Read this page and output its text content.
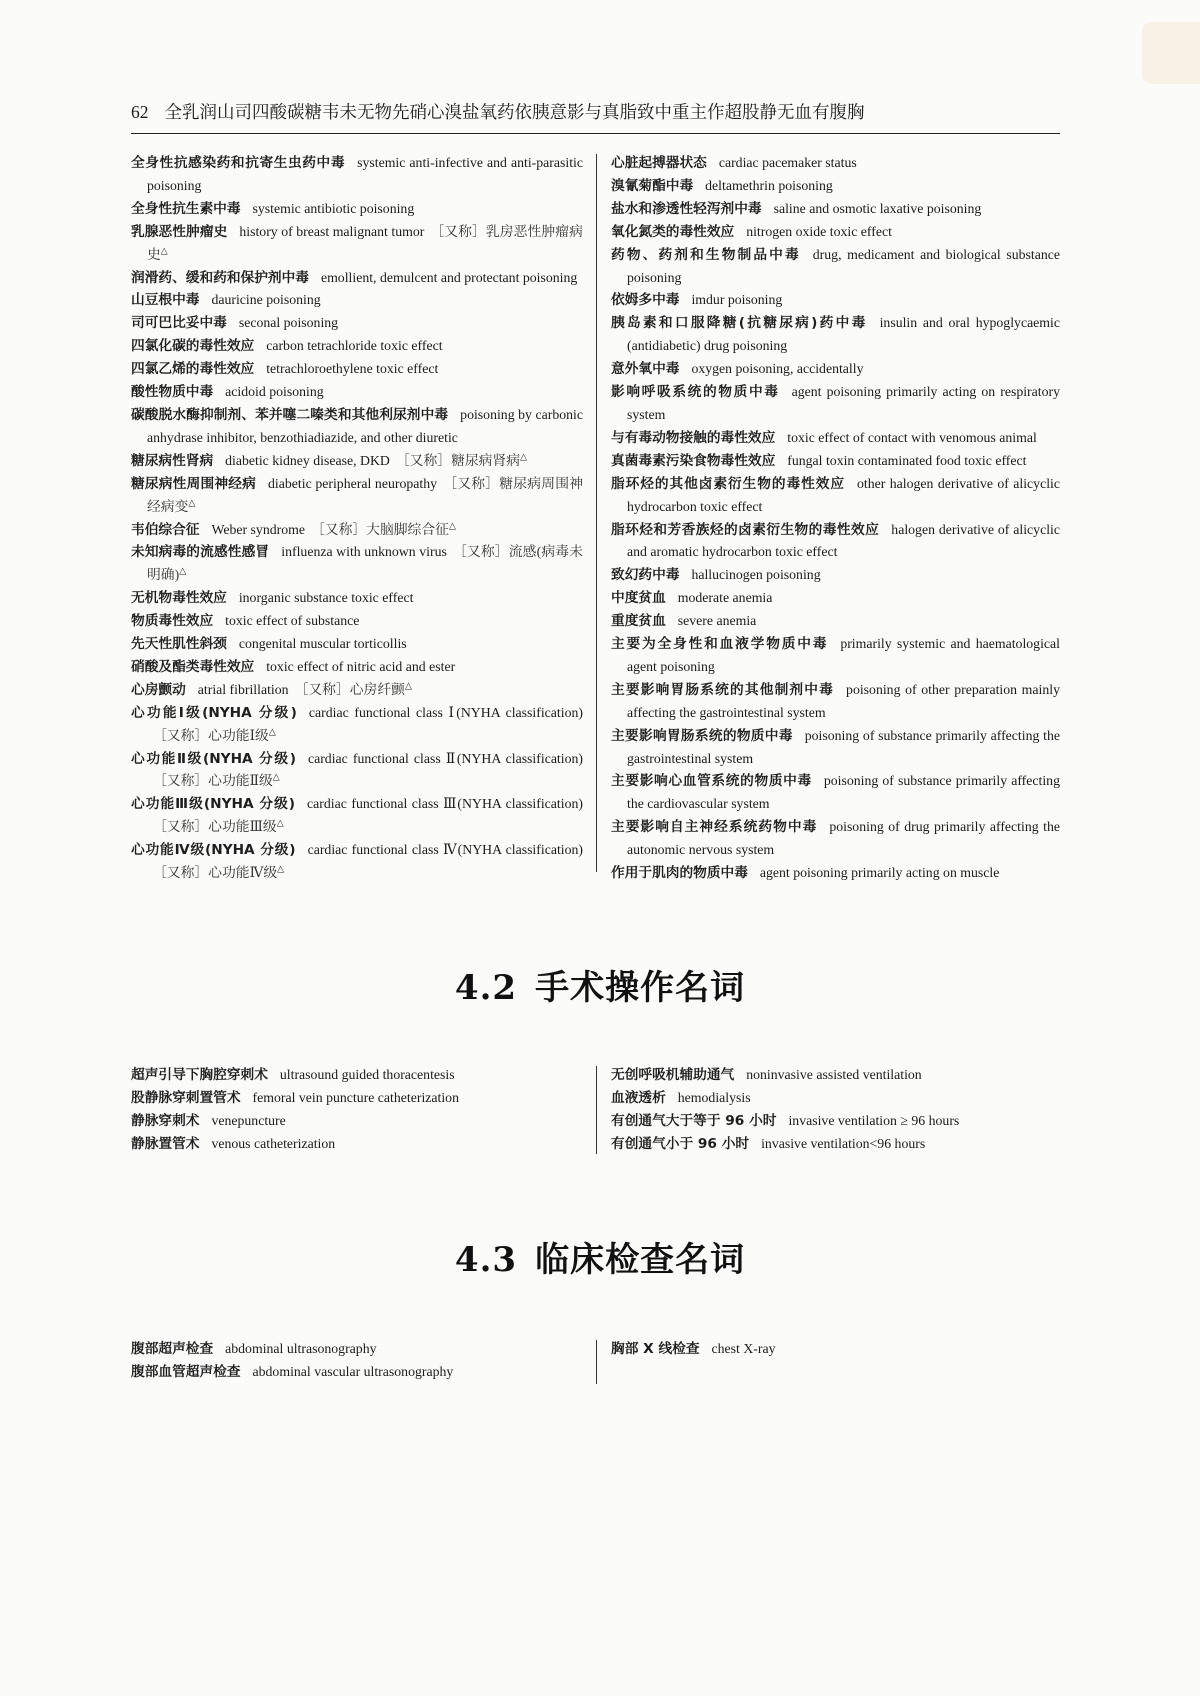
62 全乳润山司四酸碳糖韦未无物先硝心溴盐氧药依胰意影与真脂致中重主作超股静无血有腹胸

全身性抗感染药和抗寄生虫药中毒 systemic anti-infective and anti-parasitic poisoning

全身性抗生素中毒 systemic antibiotic poisoning

乳腺恶性肿瘤史 history of breast malignant tumor ［又称］乳房恶性肿瘤病史△

润滑药、缓和药和保护剂中毒 emollient, demulcent and protectant poisoning

山豆根中毒 dauricine poisoning

司可巴比妥中毒 seconal poisoning

四氯化碳的毒性效应 carbon tetrachloride toxic effect

四氯乙烯的毒性效应 tetrachloroethylene toxic effect

酸性物质中毒 acidoid poisoning

碳酸脱水酶抑制剂、苯并噻二嗪类和其他利尿剂中毒 poisoning by carbonic anhydrase inhibitor, benzothiadiazide, and other diuretic

糖尿病性肾病 diabetic kidney disease, DKD ［又称］糖尿病肾病△

糖尿病性周围神经病 diabetic peripheral neuropathy ［又称］糖尿病周围神经病变△

韦伯综合征 Weber syndrome ［又称］大脑脚综合征△

未知病毒的流感性感冒 influenza with unknown virus ［又称］流感(病毒未明确)△

无机物毒性效应 inorganic substance toxic effect

物质毒性效应 toxic effect of substance

先天性肌性斜颈 congenital muscular torticollis

硝酸及酯类毒性效应 toxic effect of nitric acid and ester

心房颤动 atrial fibrillation ［又称］心房纤颤△

心功能Ⅰ级(NYHA 分级) cardiac functional class Ⅰ(NYHA classification)［又称］心功能Ⅰ级△

心功能Ⅱ级(NYHA 分级) cardiac functional class Ⅱ(NYHA classification)［又称］心功能Ⅱ级△

心功能Ⅲ级(NYHA 分级) cardiac functional class Ⅲ(NYHA classification)［又称］心功能Ⅲ级△

心功能Ⅳ级(NYHA 分级) cardiac functional class Ⅳ(NYHA classification)［又称］心功能Ⅳ级△

心脏起搏器状态 cardiac pacemaker status

溴氰菊酯中毒 deltamethrin poisoning

盐水和渗透性轻泻剂中毒 saline and osmotic laxative poisoning

氧化氮类的毒性效应 nitrogen oxide toxic effect

药物、药剂和生物制品中毒 drug, medicament and biological substance poisoning

依姆多中毒 imdur poisoning

胰岛素和口服降糖(抗糖尿病)药中毒 insulin and oral hypoglycaemic (antidiabetic) drug poisoning

意外氧中毒 oxygen poisoning, accidentally

影响呼吸系统的物质中毒 agent poisoning primarily acting on respiratory system

与有毒动物接触的毒性效应 toxic effect of contact with venomous animal

真菌毒素污染食物毒性效应 fungal toxin contaminated food toxic effect

脂环烃的其他卤素衍生物的毒性效应 other halogen derivative of alicyclic hydrocarbon toxic effect

脂环烃和芳香族烃的卤素衍生物的毒性效应 halogen derivative of alicyclic and aromatic hydrocarbon toxic effect

致幻药中毒 hallucinogen poisoning

中度贫血 moderate anemia

重度贫血 severe anemia

主要为全身性和血液学物质中毒 primarily systemic and haematological agent poisoning

主要影响胃肠系统的其他制剂中毒 poisoning of other preparation mainly affecting the gastrointestinal system

主要影响胃肠系统的物质中毒 poisoning of substance primarily affecting the gastrointestinal system

主要影响心血管系统的物质中毒 poisoning of substance primarily affecting the cardiovascular system

主要影响自主神经系统药物中毒 poisoning of drug primarily affecting the autonomic nervous system

作用于肌肉的物质中毒 agent poisoning primarily acting on muscle

4.2 手术操作名词

超声引导下胸腔穿刺术 ultrasound guided thoracentesis

股静脉穿刺置管术 femoral vein puncture catheterization

静脉穿刺术 venepuncture

静脉置管术 venous catheterization

无创呼吸机辅助通气 noninvasive assisted ventilation

血液透析 hemodialysis

有创通气大于等于 96 小时 invasive ventilation ≥ 96 hours

有创通气小于 96 小时 invasive ventilation<96 hours

4.3 临床检查名词

腹部超声检查 abdominal ultrasonography

腹部血管超声检查 abdominal vascular ultrasonography

胸部 X 线检查 chest X-ray
